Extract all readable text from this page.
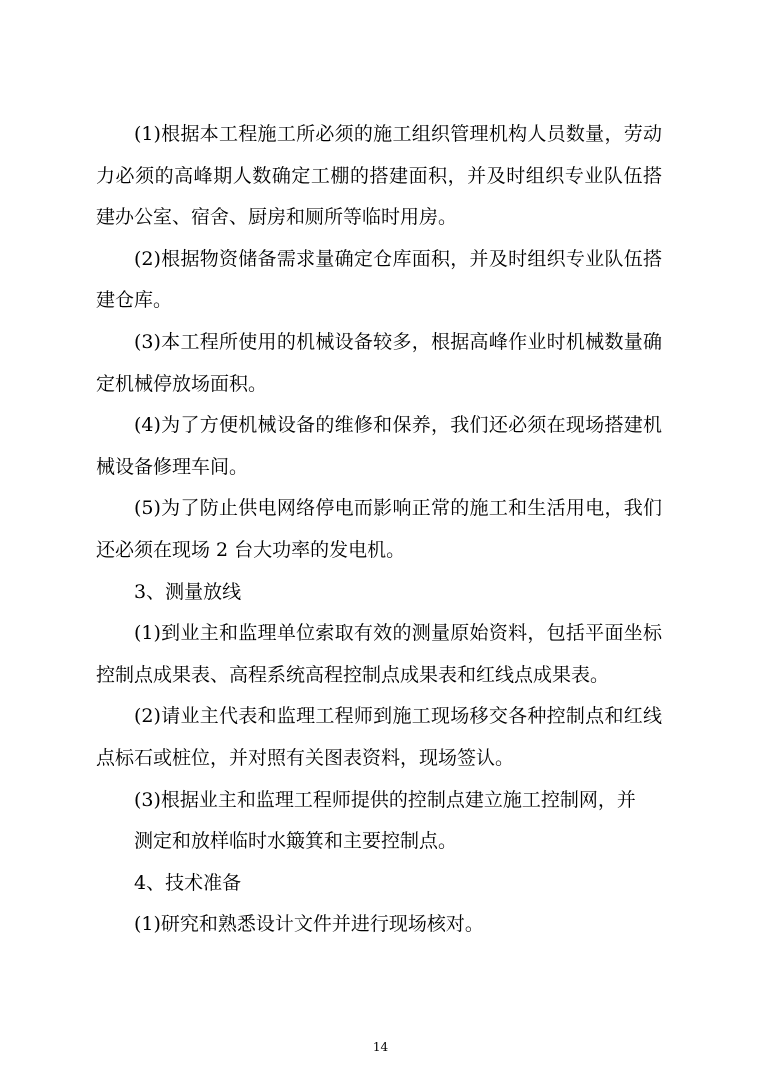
(1)根据本工程施工所必须的施工组织管理机构人员数量，劳动力必须的高峰期人数确定工棚的搭建面积，并及时组织专业队伍搭建办公室、宿舍、厨房和厕所等临时用房。

(2)根据物资储备需求量确定仓库面积，并及时组织专业队伍搭建仓库。

(3)本工程所使用的机械设备较多，根据高峰作业时机械数量确定机械停放场面积。

(4)为了方便机械设备的维修和保养，我们还必须在现场搭建机械设备修理车间。

(5)为了防止供电网络停电而影响正常的施工和生活用电，我们还必须在现场 2 台大功率的发电机。

3、测量放线

(1)到业主和监理单位索取有效的测量原始资料，包括平面坐标控制点成果表、高程系统高程控制点成果表和红线点成果表。

(2)请业主代表和监理工程师到施工现场移交各种控制点和红线点标石或桩位，并对照有关图表资料，现场签认。

(3)根据业主和监理工程师提供的控制点建立施工控制网，并

测定和放样临时水簸箕和主要控制点。

4、技术准备

(1)研究和熟悉设计文件并进行现场核对。

14
